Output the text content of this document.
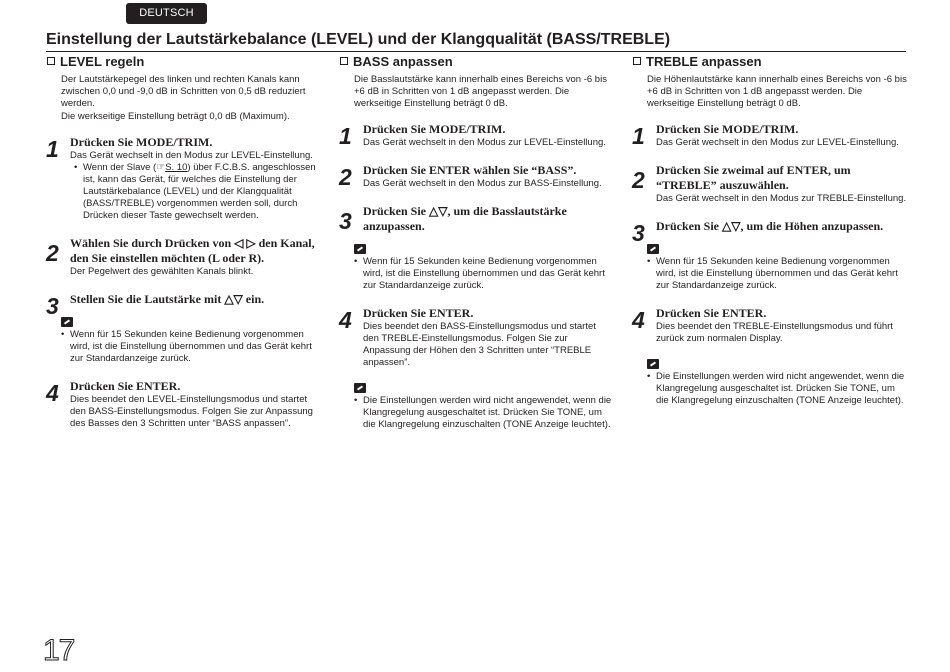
DEUTSCH
Einstellung der Lautstärkebalance (LEVEL) und der Klangqualität (BASS/TREBLE)
LEVEL regeln

Der Lautstärkepegel des linken und rechten Kanals kann zwischen 0,0 und -9,0 dB in Schritten von 0,5 dB reduziert werden.

Die werkseitige Einstellung beträgt 0,0 dB (Maximum).

1 Drücken Sie MODE/TRIM.
Das Gerät wechselt in den Modus zur LEVEL-Einstellung.
• Wenn der Slave (☞S. 10) über F.C.B.S. angeschlossen ist, kann das Gerät, für welches die Einstellung der Lautstärkebalance (LEVEL) und der Klangqualität (BASS/TREBLE) vorgenommen werden soll, durch Drücken dieser Taste gewechselt werden.
2 Wählen Sie durch Drücken von ◁ ▷ den Kanal, den Sie einstellen möchten (L oder R).
Der Pegelwert des gewählten Kanals blinkt.
3 Stellen Sie die Lautstärke mit △▽ ein.
• Wenn für 15 Sekunden keine Bedienung vorgenommen wird, ist die Einstellung übernommen und das Gerät kehrt zur Standardanzeige zurück.
4 Drücken Sie ENTER.
Dies beendet den LEVEL-Einstellungsmodus und startet den BASS-Einstellungsmodus. Folgen Sie zur Anpassung des Basses den 3 Schritten unter “BASS anpassen”.
BASS anpassen
Die Basslautstärke kann innerhalb eines Bereichs von -6 bis +6 dB in Schritten von 1 dB angepasst werden. Die werkseitige Einstellung beträgt 0 dB.
1 Drücken Sie MODE/TRIM.
Das Gerät wechselt in den Modus zur LEVEL-Einstellung.
2 Drücken Sie ENTER wählen Sie “BASS”.
Das Gerät wechselt in den Modus zur BASS-Einstellung.
3 Drücken Sie △▽, um die Basslautstärke anzupassen.
• Wenn für 15 Sekunden keine Bedienung vorgenommen wird, ist die Einstellung übernommen und das Gerät kehrt zur Standardanzeige zurück.
4 Drücken Sie ENTER.
Dies beendet den BASS-Einstellungsmodus und startet den TREBLE-Einstellungsmodus. Folgen Sie zur Anpassung der Höhen den 3 Schritten unter “TREBLE anpassen”.
• Die Einstellungen werden wird nicht angewendet, wenn die Klangregelung ausgeschaltet ist. Drücken Sie TONE, um die Klangregelung einzuschalten (TONE Anzeige leuchtet).
TREBLE anpassen
Die Höhenlautstärke kann innerhalb eines Bereichs von -6 bis +6 dB in Schritten von 1 dB angepasst werden. Die werkseitige Einstellung beträgt 0 dB.
1 Drücken Sie MODE/TRIM.
Das Gerät wechselt in den Modus zur LEVEL-Einstellung.
2 Drücken Sie zweimal auf ENTER, um “TREBLE” auszuwählen.
Das Gerät wechselt in den Modus zur TREBLE-Einstellung.
3 Drücken Sie △▽, um die Höhen anzupassen.
• Wenn für 15 Sekunden keine Bedienung vorgenommen wird, ist die Einstellung übernommen und das Gerät kehrt zur Standardanzeige zurück.
4 Drücken Sie ENTER.
Dies beendet den TREBLE-Einstellungsmodus und führt zurück zum normalen Display.
• Die Einstellungen werden wird nicht angewendet, wenn die Klangregelung ausgeschaltet ist. Drücken Sie TONE, um die Klangregelung einzuschalten (TONE Anzeige leuchtet).
17
